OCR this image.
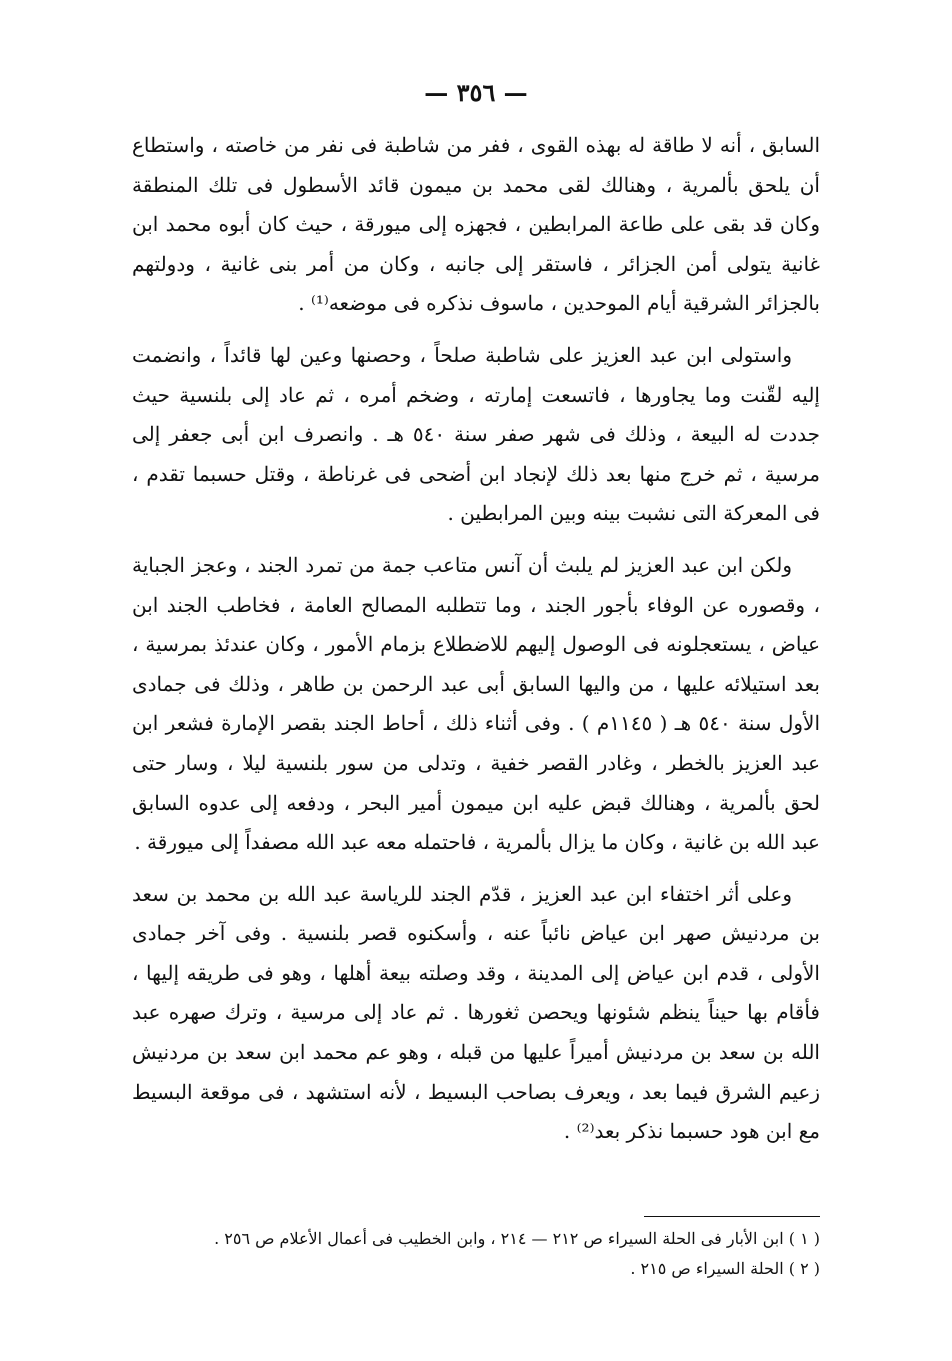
— ٣٥٦ —

السابق ، أنه لا طاقة له بهذه القوى ، ففر من شاطبة فى نفر من خاصته ، واستطاع أن يلحق بألمرية ، وهنالك لقى محمد بن ميمون قائد الأسطول فى تلك المنطقة وكان قد بقى على طاعة المرابطين ، فجهزه إلى ميورقة ، حيث كان أبوه محمد ابن غانية يتولى أمن الجزائر ، فاستقر إلى جانبه ، وكان من أمر بنى غانية ، ودولتهم بالجزائر الشرقية أيام الموحدين ، ماسوف نذكره فى موضعه⁽¹⁾ .

واستولى ابن عبد العزيز على شاطبة صلحاً ، وحصنها وعين لها قائداً ، وانضمت إليه لقّنت وما يجاورها ، فاتسعت إمارته ، وضخم أمره ، ثم عاد إلى بلنسية حيث جددت له البيعة ، وذلك فى شهر صفر سنة ٥٤٠ هـ . وانصرف ابن أبى جعفر إلى مرسية ، ثم خرج منها بعد ذلك لإنجاد ابن أضحى فى غرناطة ، وقتل حسبما تقدم ، فى المعركة التى نشبت بينه وبين المرابطين .

ولكن ابن عبد العزيز لم يلبث أن آنس متاعب جمة من تمرد الجند ، وعجز الجباية ، وقصوره عن الوفاء بأجور الجند ، وما تتطلبه المصالح العامة ، فخاطب الجند ابن عياض ، يستعجلونه فى الوصول إليهم للاضطلاع بزمام الأمور ، وكان عندئذ بمرسية ، بعد استيلائه عليها ، من واليها السابق أبى عبد الرحمن بن طاهر ، وذلك فى جمادى الأول سنة ٥٤٠ هـ ( ١١٤٥م ) . وفى أثناء ذلك ، أحاط الجند بقصر الإمارة فشعر ابن عبد العزيز بالخطر ، وغادر القصر خفية ، وتدلى من سور بلنسية ليلا ، وسار حتى لحق بألمرية ، وهنالك قبض عليه ابن ميمون أمير البحر ، ودفعه إلى عدوه السابق عبد الله بن غانية ، وكان ما يزال بألمرية ، فاحتمله معه عبد الله مصفداً إلى ميورقة .

وعلى أثر اختفاء ابن عبد العزيز ، قدّم الجند للرياسة عبد الله بن محمد بن سعد بن مردنيش صهر ابن عياض نائباً عنه ، وأسكنوه قصر بلنسية . وفى آخر جمادى الأولى ، قدم ابن عياض إلى المدينة ، وقد وصلته بيعة أهلها ، وهو فى طريقه إليها ، فأقام بها حيناً ينظم شئونها ويحصن ثغورها . ثم عاد إلى مرسية ، وترك صهره عبد الله بن سعد بن مردنيش أميراً عليها من قبله ، وهو عم محمد ابن سعد بن مردنيش زعيم الشرق فيما بعد ، ويعرف بصاحب البسيط ، لأنه استشهد ، فى موقعة البسيط مع ابن هود حسبما نذكر بعد⁽²⁾ .

( ١ ) ابن الأبار فى الحلة السيراء ص ٢١٢ — ٢١٤ ، وابن الخطيب فى أعمال الأعلام ص ٢٥٦ .

( ٢ ) الحلة السيراء ص ٢١٥ .
